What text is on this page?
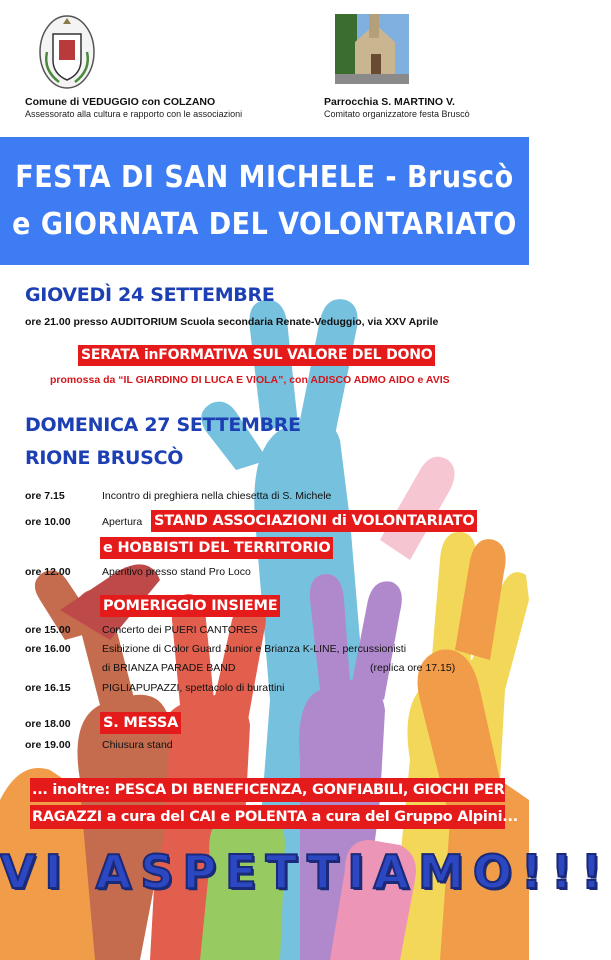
Comune di VEDUGGIO con COLZANO
Assessorato alla cultura e rapporto con le associazioni
Parrocchia S. MARTINO V.
Comitato organizzatore festa Bruscò
FESTA DI SAN MICHELE - Bruscò
e GIORNATA DEL VOLONTARIATO
GIOVEDÌ 24 SETTEMBRE
ore 21.00 presso AUDITORIUM Scuola secondaria Renate-Veduggio, via XXV Aprile
SERATA inFORMATIVA SUL VALORE DEL DONO
promossa da “IL GIARDINO DI LUCA E VIOLA”, con ADISCO ADMO AIDO e AVIS
DOMENICA 27 SETTEMBRE
RIONE BRUSCÒ
ore 7.15	Incontro di preghiera nella chiesetta di S. Michele
ore 10.00	Apertura STAND ASSOCIAZIONI di VOLONTARIATO
e HOBBISTI DEL TERRITORIO
ore 12.00	Aperitivo presso stand Pro Loco
POMERIGGIO INSIEME
ore 15.00	Concerto dei PUERI CANTORES
ore 16.00	Esibizione di Color Guard Junior e Brianza K-LINE, percussionisti
di BRIANZA PARADE BAND	(replica ore 17.15)
ore 16.15	PIGLIAPUPAZZI, spettacolo di burattini
ore 18.00 S. MESSA
ore 19.00	Chiusura stand
... inoltre: PESCA DI BENEFICENZA, GONFIABILI, GIOCHI PER
RAGAZZI a cura del CAI e POLENTA a cura del Gruppo Alpini...
VI ASPETTIAMO!!!
